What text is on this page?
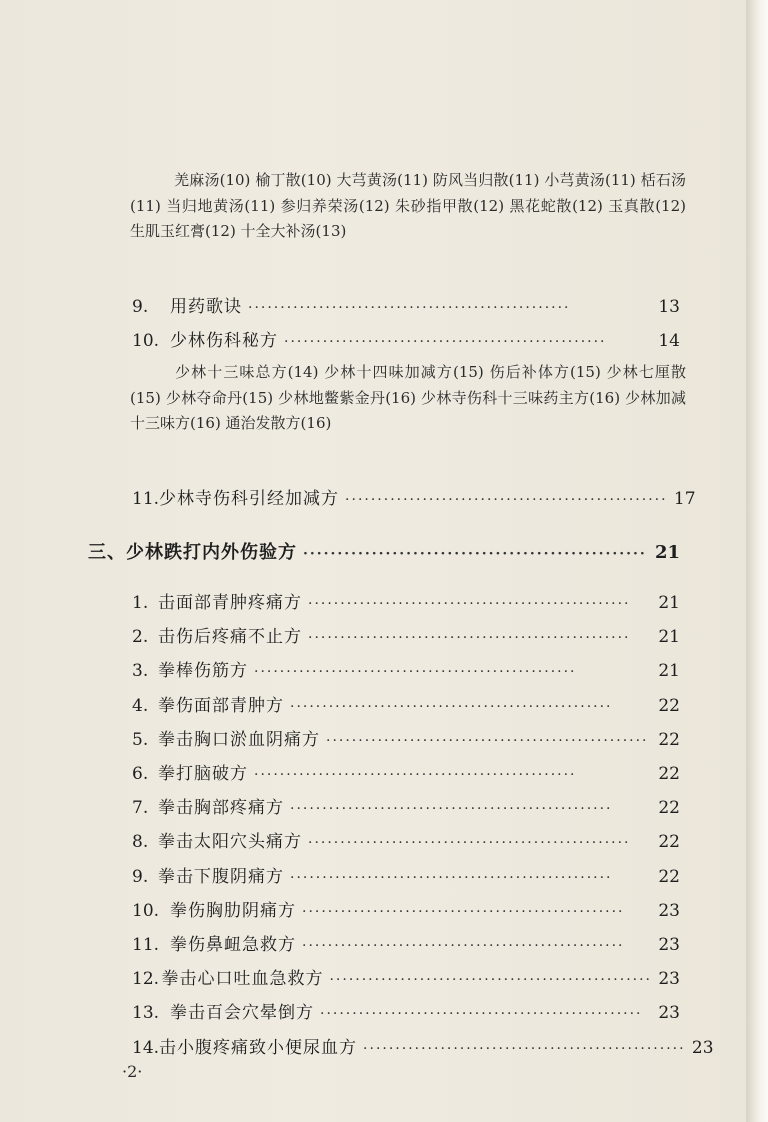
羌麻汤(10) 榆丁散(10) 大芎黄汤(11) 防风当归散(11) 小芎黄汤(11) 栝石汤(11) 当归地黄汤(11) 参归养荣汤(12) 朱砂指甲散(12) 黑花蛇散(12) 玉真散(12) 生肌玉红膏(12) 十全大补汤(13)

9.	用药歌诀 ··················································	13
10. 少林伤科秘方 ··················································	14

少林十三味总方(14) 少林十四味加减方(15) 伤后补体方(15) 少林七厘散(15) 少林夺命丹(15) 少林地鳖紫金丹(16) 少林寺伤科十三味药主方(16) 少林加减十三味方(16) 通治发散方(16)

11. 少林寺伤科引经加减方 ·················································· 17
三、少林跌打内外伤验方 ·················································· 21
1. 击面部青肿疼痛方 ··················································	21
2. 击伤后疼痛不止方 ··················································	21
3. 拳棒伤筋方 ··················································	21
4. 拳伤面部青肿方 ··················································	22
5. 拳击胸口淤血阴痛方 ·················································· 22
6. 拳打脑破方 ··················································	22
7. 拳击胸部疼痛方 ··················································	22
8. 拳击太阳穴头痛方 ··················································	22
9. 拳击下腹阴痛方 ··················································	22
10. 拳伤胸肋阴痛方 ··················································	23
11. 拳伤鼻衄急救方 ··················································	23
12. 拳击心口吐血急救方 ·················································· 23
13. 拳击百会穴晕倒方 ·················································· 23
14. 击小腹疼痛致小便尿血方 ·················································· 23
·2·
